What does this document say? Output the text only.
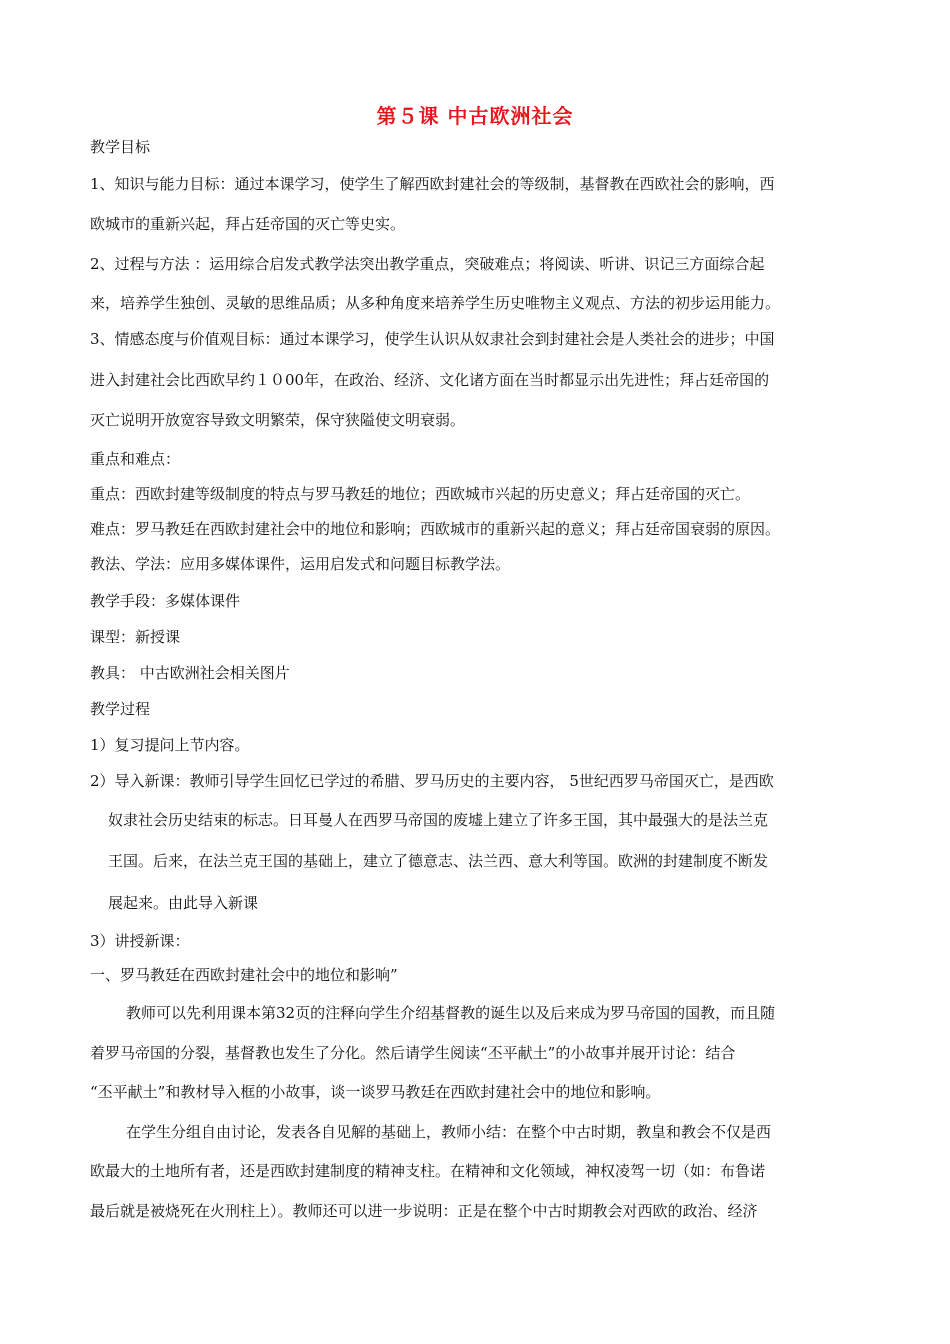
第５课 中古欧洲社会
教学目标
1、知识与能力目标：通过本课学习，使学生了解西欧封建社会的等级制，基督教在西欧社会的影响，西
欧城市的重新兴起，拜占廷帝国的灭亡等史实。
2、过程与方法 ：运用综合启发式教学法突出教学重点，突破难点；将阅读、听讲、识记三方面综合起
来，培养学生独创、灵敏的思维品质；从多种角度来培养学生历史唯物主义观点、方法的初步运用能力。
3、情感态度与价值观目标：通过本课学习，使学生认识从奴隶社会到封建社会是人类社会的进步；中国
进入封建社会比西欧早约１０00年，在政治、经济、文化诸方面在当时都显示出先进性；拜占廷帝国的
灭亡说明开放宽容导致文明繁荣，保守狭隘使文明衰弱。
重点和难点：
重点：西欧封建等级制度的特点与罗马教廷的地位；西欧城市兴起的历史意义；拜占廷帝国的灭亡。
难点：罗马教廷在西欧封建社会中的地位和影响；西欧城市的重新兴起的意义；拜占廷帝国衰弱的原因。
教法、学法：应用多媒体课件，运用启发式和问题目标教学法。
教学手段：多媒体课件
课型：新授课
教具： 中古欧洲社会相关图片
教学过程
1）复习提问上节内容。
2）导入新课：教师引导学生回忆已学过的希腊、罗马历史的主要内容， 5世纪西罗马帝国灭亡，是西欧
奴隶社会历史结束的标志。日耳曼人在西罗马帝国的废墟上建立了许多王国，其中最强大的是法兰克
王国。后来，在法兰克王国的基础上，建立了德意志、法兰西、意大利等国。欧洲的封建制度不断发
展起来。由此导入新课
3）讲授新课：
一、罗马教廷在西欧封建社会中的地位和影响”
教师可以先利用课本第32页的注释向学生介绍基督教的诞生以及后来成为罗马帝国的国教，而且随
着罗马帝国的分裂，基督教也发生了分化。然后请学生阅读“丕平献土”的小故事并展开讨论：结合
“丕平献土”和教材导入框的小故事，谈一谈罗马教廷在西欧封建社会中的地位和影响。
在学生分组自由讨论，发表各自见解的基础上，教师小结：在整个中古时期，教皇和教会不仅是西
欧最大的土地所有者，还是西欧封建制度的精神支柱。在精神和文化领域，神权凌驾一切（如：布鲁诺
最后就是被烧死在火刑柱上）。教师还可以进一步说明：正是在整个中古时期教会对西欧的政治、经济
